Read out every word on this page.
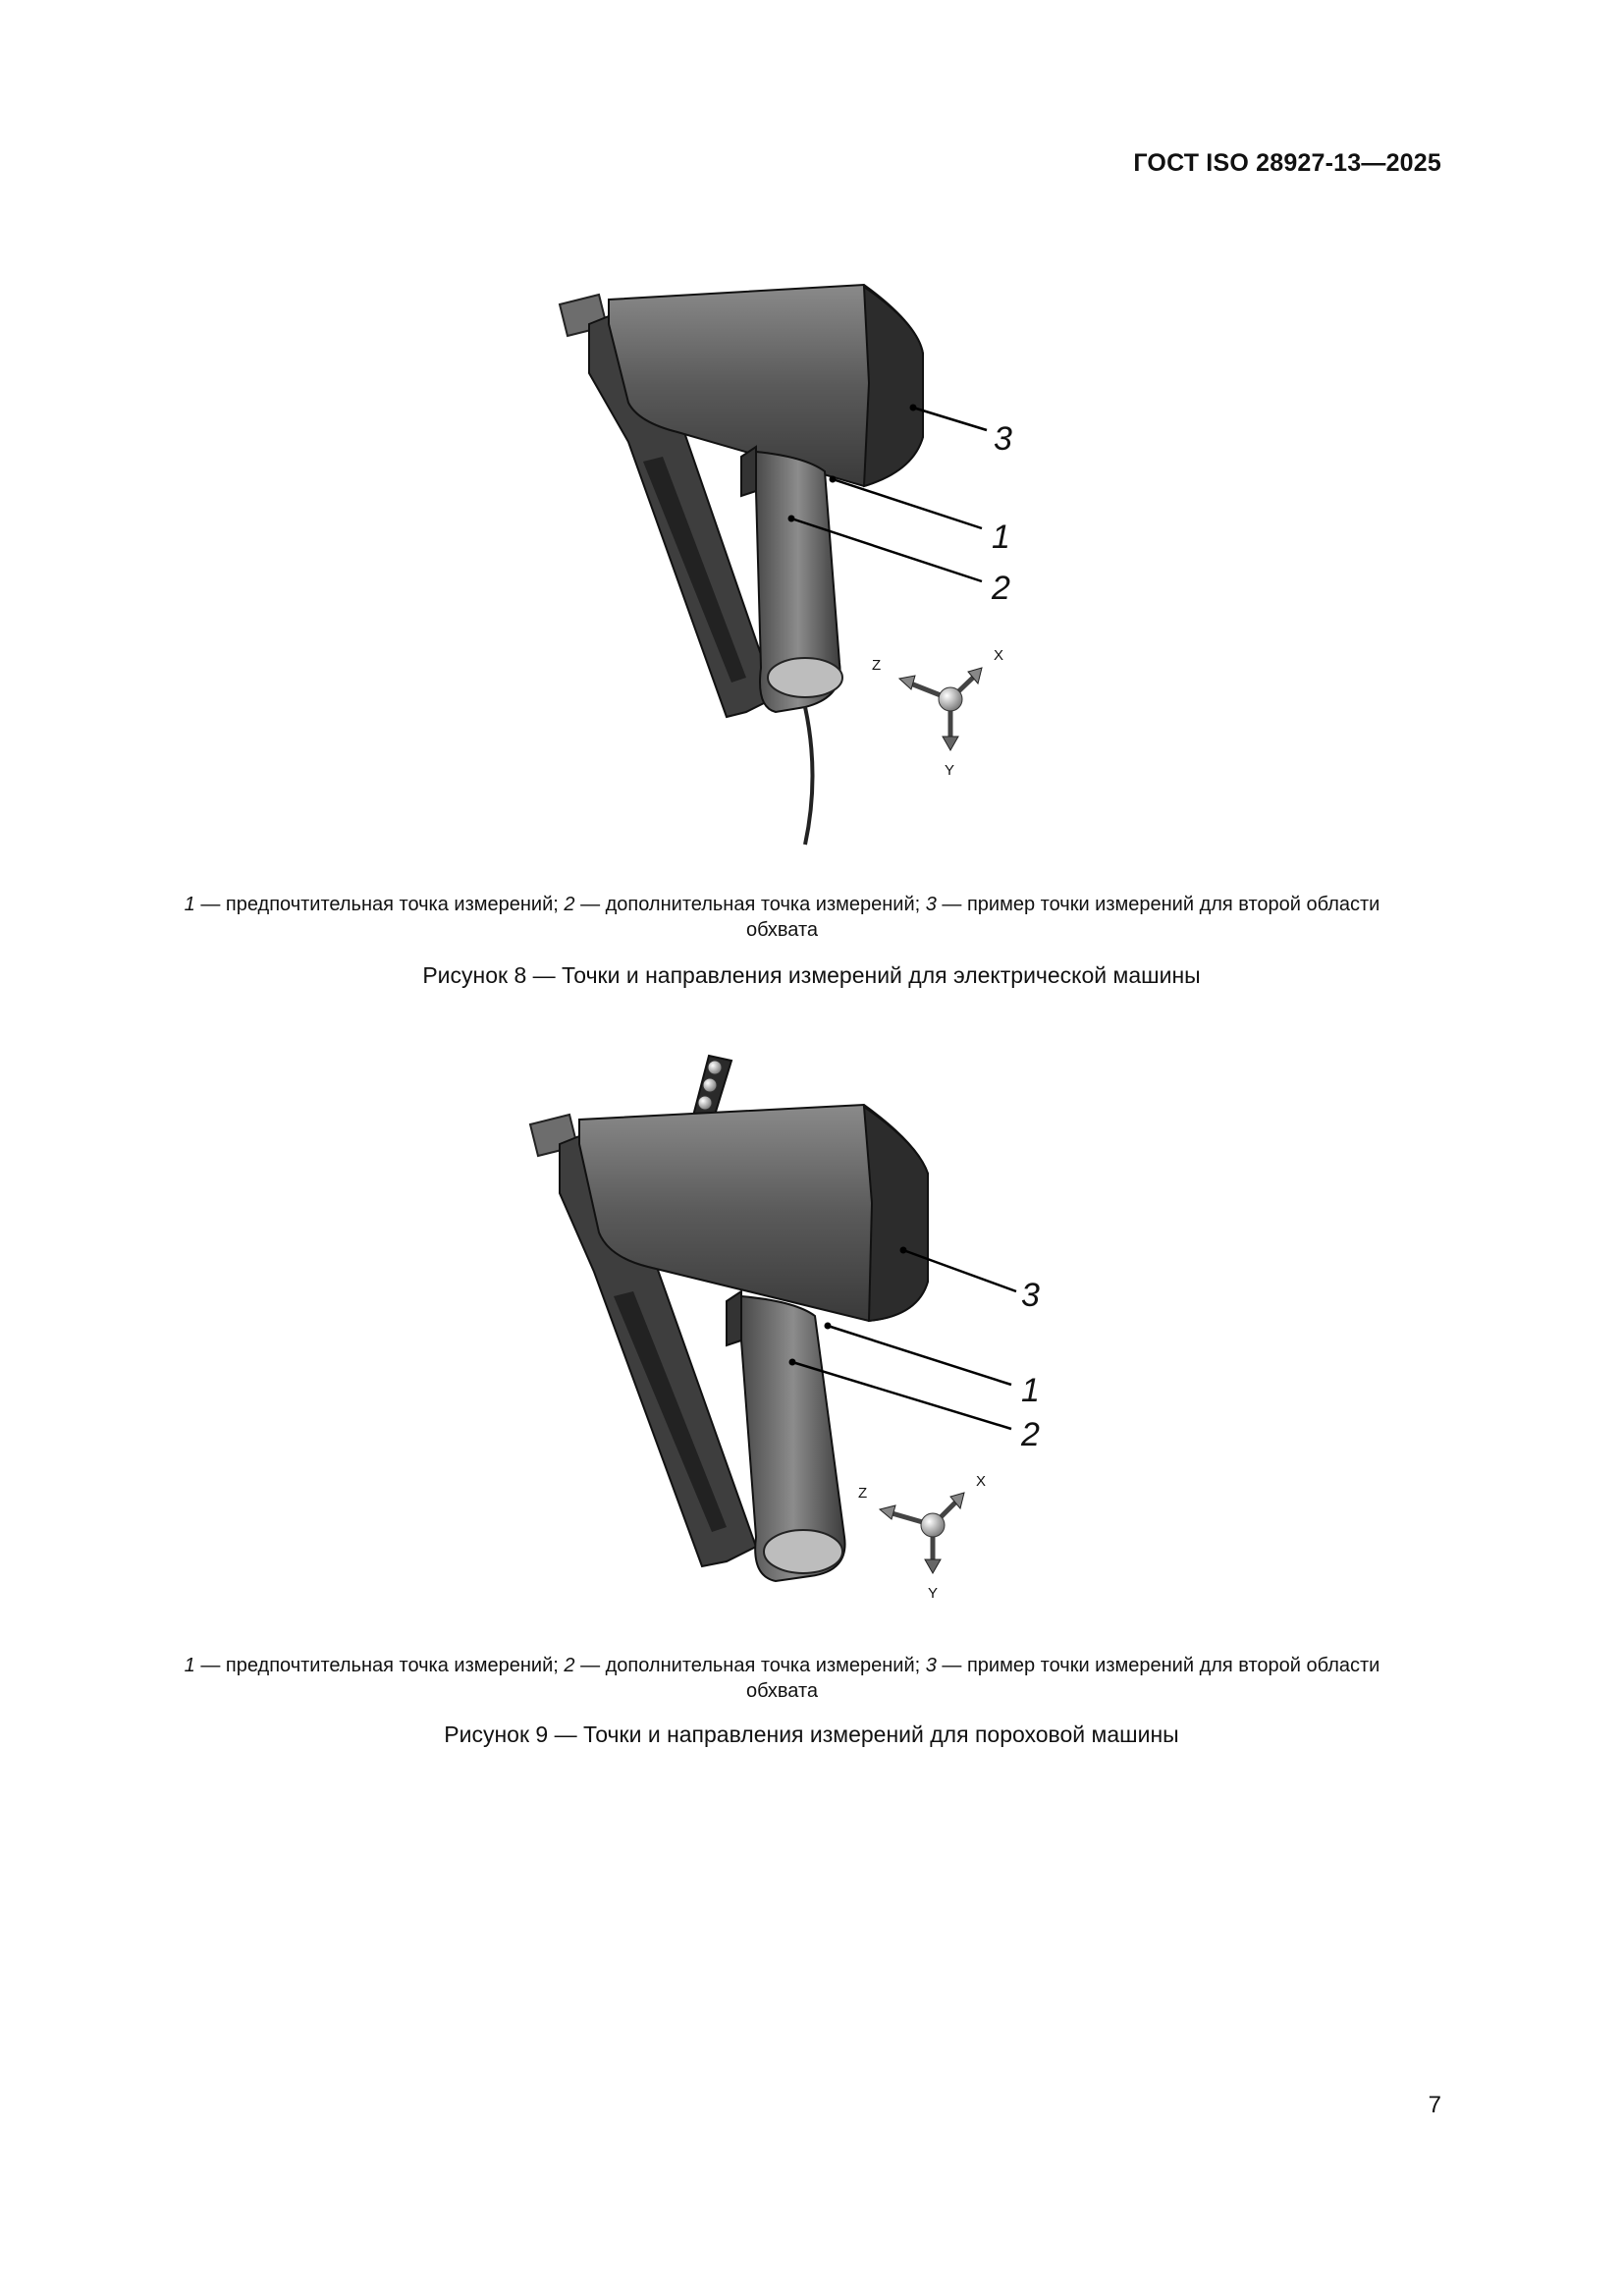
ГОСТ ISO 28927-13—2025
3
1
2
Z
X
Y
1 — предпочтительная точка измерений; 2 — дополнительная точка измерений; 3 — пример точки измерений для второй области
обхвата
Рисунок 8 — Точки и направления измерений для электрической машины
3
1
2
Z
X
Y
1 — предпочтительная точка измерений; 2 — дополнительная точка измерений; 3 — пример точки измерений для второй области
обхвата
Рисунок 9 — Точки и направления измерений для пороховой машины
7
